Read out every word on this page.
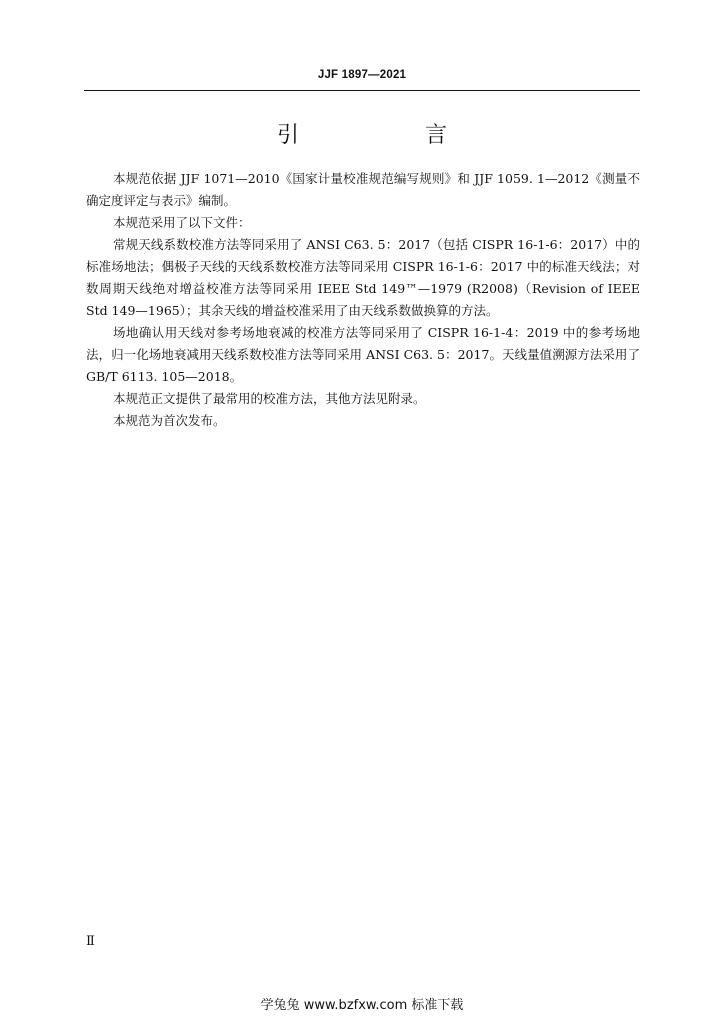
JJF 1897—2021
引　言

本规范依据 JJF 1071—2010《国家计量校准规范编写规则》和 JJF 1059. 1—2012《测量不确定度评定与表示》编制。

本规范采用了以下文件：

常规天线系数校准方法等同采用了 ANSI C63. 5：2017（包括 CISPR 16-1-6：2017）中的标准场地法；偶极子天线的天线系数校准方法等同采用 CISPR 16-1-6：2017 中的标准天线法；对数周期天线绝对增益校准方法等同采用 IEEE Std 149™—1979 (R2008)（Revision of IEEE Std 149—1965）；其余天线的增益校准采用了由天线系数做换算的方法。

场地确认用天线对参考场地衰减的校准方法等同采用了 CISPR 16-1-4：2019 中的参考场地法，归一化场地衰减用天线系数校准方法等同采用 ANSI C63. 5：2017。天线量值溯源方法采用了 GB/T 6113. 105—2018。

本规范正文提供了最常用的校准方法，其他方法见附录。

本规范为首次发布。

Ⅱ
学兔兔 www.bzfxw.com 标准下载
